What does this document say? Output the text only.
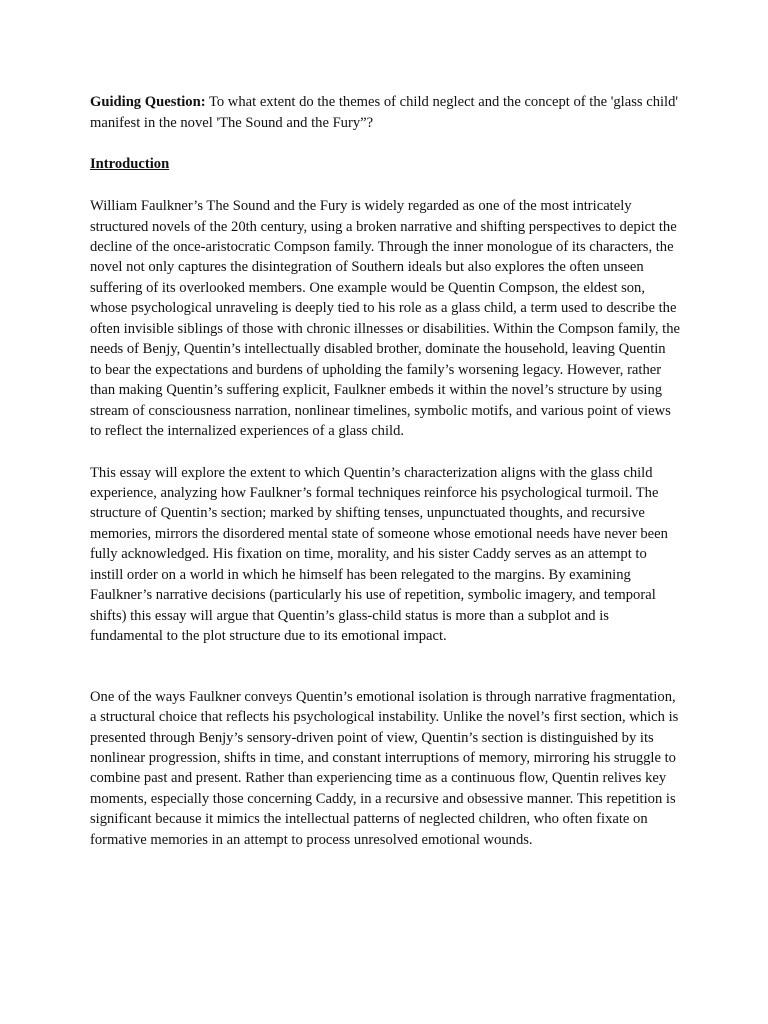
Guiding Question: To what extent do the themes of child neglect and the concept of the 'glass child' manifest in the novel 'The Sound and the Fury”?

Introduction

William Faulkner’s The Sound and the Fury is widely regarded as one of the most intricately structured novels of the 20th century, using a broken narrative and shifting perspectives to depict the decline of the once-aristocratic Compson family. Through the inner monologue of its characters, the novel not only captures the disintegration of Southern ideals but also explores the often unseen suffering of its overlooked members. One example would be Quentin Compson, the eldest son, whose psychological unraveling is deeply tied to his role as a glass child, a term used to describe the often invisible siblings of those with chronic illnesses or disabilities. Within the Compson family, the needs of Benjy, Quentin’s intellectually disabled brother, dominate the household, leaving Quentin to bear the expectations and burdens of upholding the family’s worsening legacy. However, rather than making Quentin’s suffering explicit, Faulkner embeds it within the novel’s structure by using stream of consciousness narration, nonlinear timelines, symbolic motifs, and various point of views to reflect the internalized experiences of a glass child.

This essay will explore the extent to which Quentin’s characterization aligns with the glass child experience, analyzing how Faulkner’s formal techniques reinforce his psychological turmoil. The structure of Quentin’s section; marked by shifting tenses, unpunctuated thoughts, and recursive memories, mirrors the disordered mental state of someone whose emotional needs have never been fully acknowledged. His fixation on time, morality, and his sister Caddy serves as an attempt to instill order on a world in which he himself has been relegated to the margins. By examining Faulkner’s narrative decisions (particularly his use of repetition, symbolic imagery, and temporal shifts) this essay will argue that Quentin’s glass-child status is more than a subplot and is fundamental to the plot structure due to its emotional impact.

One of the ways Faulkner conveys Quentin’s emotional isolation is through narrative fragmentation, a structural choice that reflects his psychological instability. Unlike the novel’s first section, which is presented through Benjy’s sensory-driven point of view, Quentin’s section is distinguished by its nonlinear progression, shifts in time, and constant interruptions of memory, mirroring his struggle to combine past and present. Rather than experiencing time as a continuous flow, Quentin relives key moments, especially those concerning Caddy, in a recursive and obsessive manner. This repetition is significant because it mimics the intellectual patterns of neglected children, who often fixate on formative memories in an attempt to process unresolved emotional wounds.
